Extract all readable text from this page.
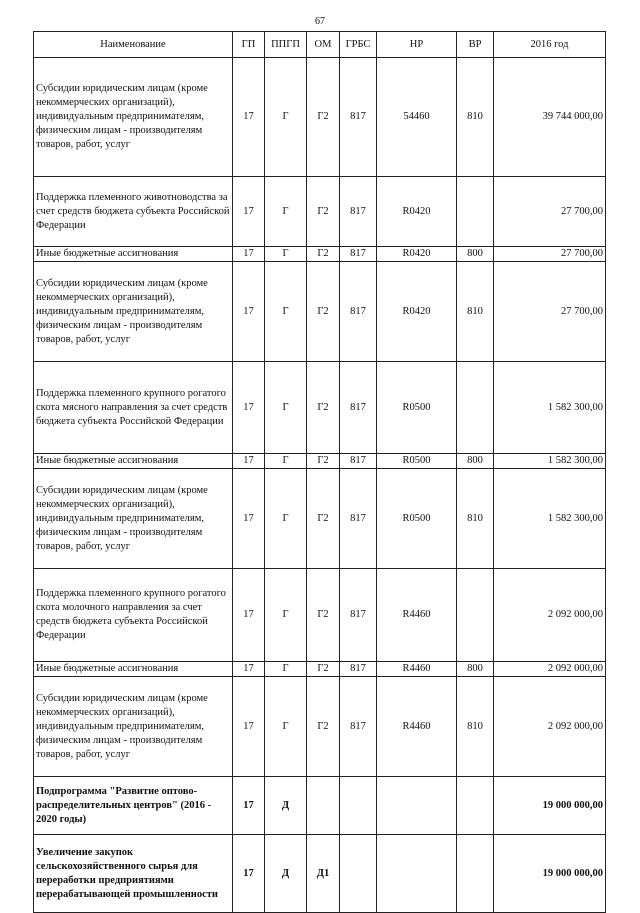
67
Наименование	ГП	ППГП	ОМ	ГРБС	НР	ВР	2016 год
Субсидии юридическим лицам (кроме некоммерческих организаций), индивидуальным предпринимателям, физическим лицам - производителям товаров, работ, услуг	17	Г	Г2	817	54460	810	39 744 000,00
Поддержка племенного животноводства за счет средств бюджета субъекта Российской Федерации	17	Г	Г2	817	R0420		27 700,00
Иные бюджетные ассигнования	17	Г	Г2	817	R0420	800	27 700,00
Субсидии юридическим лицам (кроме некоммерческих организаций), индивидуальным предпринимателям, физическим лицам - производителям товаров, работ, услуг	17	Г	Г2	817	R0420	810	27 700,00
Поддержка племенного крупного рогатого скота мясного направления за счет средств бюджета субъекта Российской Федерации	17	Г	Г2	817	R0500		1 582 300,00
Иные бюджетные ассигнования	17	Г	Г2	817	R0500	800	1 582 300,00
Субсидии юридическим лицам (кроме некоммерческих организаций), индивидуальным предпринимателям, физическим лицам - производителям товаров, работ, услуг	17	Г	Г2	817	R0500	810	1 582 300,00
Поддержка племенного крупного рогатого скота молочного направления за счет средств бюджета субъекта Российской Федерации	17	Г	Г2	817	R4460		2 092 000,00
Иные бюджетные ассигнования	17	Г	Г2	817	R4460	800	2 092 000,00
Субсидии юридическим лицам (кроме некоммерческих организаций), индивидуальным предпринимателям, физическим лицам - производителям товаров, работ, услуг	17	Г	Г2	817	R4460	810	2 092 000,00
Подпрограмма "Развитие оптово-распределительных центров" (2016 - 2020 годы)	17	Д					19 000 000,00
Увеличение закупок сельскохозяйственного сырья для переработки предприятиями перерабатывающей промышленности	17	Д	Д1				19 000 000,00
